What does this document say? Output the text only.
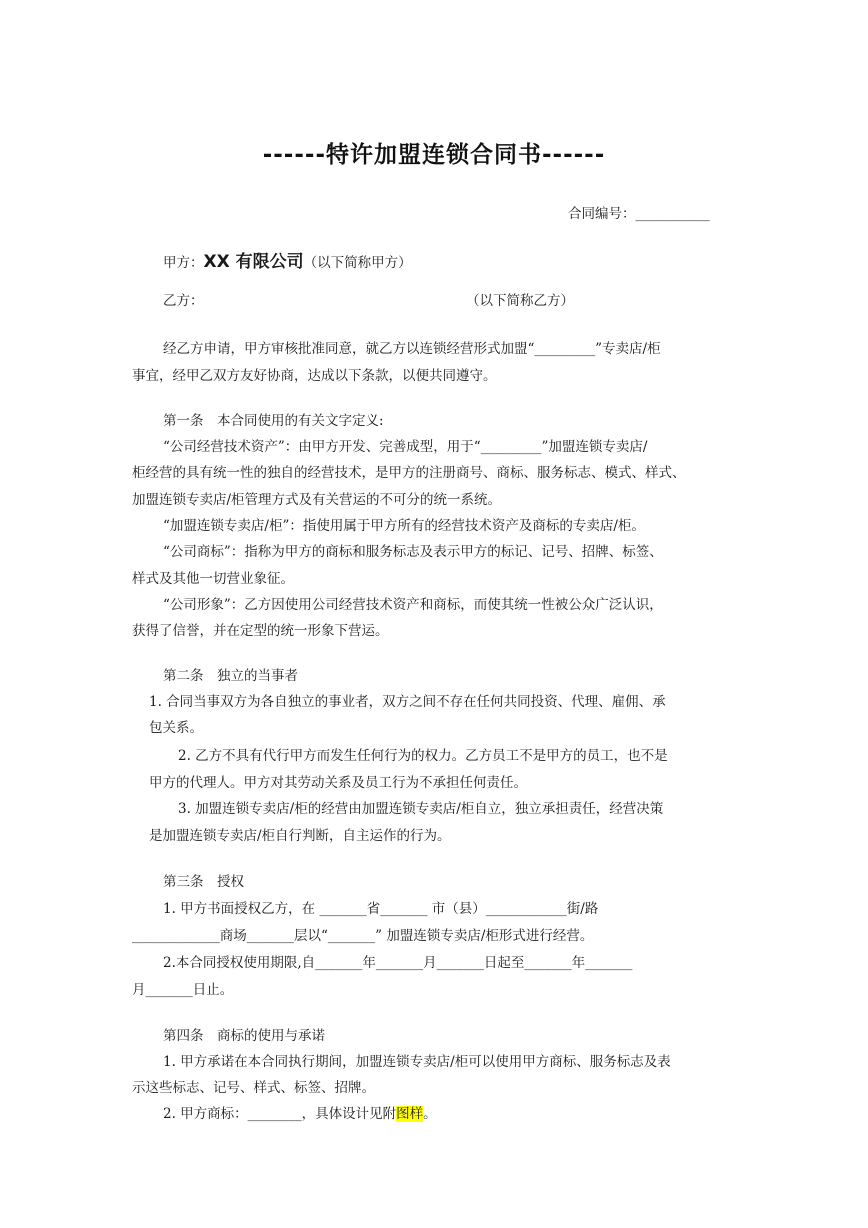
------特许加盟连锁合同书------
合同编号：___________
甲方：XX 有限公司（以下简称甲方）
乙方：	（以下简称乙方）
经乙方申请，甲方审核批准同意，就乙方以连锁经营形式加盟“_________”专卖店/柜
事宜，经甲乙双方友好协商，达成以下条款，以便共同遵守。
第一条　本合同使用的有关文字定义:
“公司经营技术资产”：由甲方开发、完善成型，用于“_________”加盟连锁专卖店/
柜经营的具有统一性的独自的经营技术，是甲方的注册商号、商标、服务标志、模式、样式、
加盟连锁专卖店/柜管理方式及有关营运的不可分的统一系统。
“加盟连锁专卖店/柜”：指使用属于甲方所有的经营技术资产及商标的专卖店/柜。
“公司商标”：指称为甲方的商标和服务标志及表示甲方的标记、记号、招牌、标签、
样式及其他一切营业象征。
“公司形象”：乙方因使用公司经营技术资产和商标，而使其统一性被公众广泛认识，
获得了信誉，并在定型的统一形象下营运。
第二条　独立的当事者
1. 合同当事双方为各自独立的事业者，双方之间不存在任何共同投资、代理、雇佣、承
包关系。
2. 乙方不具有代行甲方而发生任何行为的权力。乙方员工不是甲方的员工，也不是
甲方的代理人。甲方对其劳动关系及员工行为不承担任何责任。
3. 加盟连锁专卖店/柜的经营由加盟连锁专卖店/柜自立，独立承担责任，经营决策
是加盟连锁专卖店/柜自行判断，自主运作的行为。
第三条　授权
1. 甲方书面授权乙方，在 _______省_______ 市（县）____________街/路
_____________商场_______层以“_______” 加盟连锁专卖店/柜形式进行经营。
2.本合同授权使用期限,自_______年_______月_______日起至_______年_______
月_______日止。
第四条　商标的使用与承诺
1. 甲方承诺在本合同执行期间，加盟连锁专卖店/柜可以使用甲方商标、服务标志及表
示这些标志、记号、样式、标签、招牌。
2. 甲方商标：________，具体设计见附图样。
